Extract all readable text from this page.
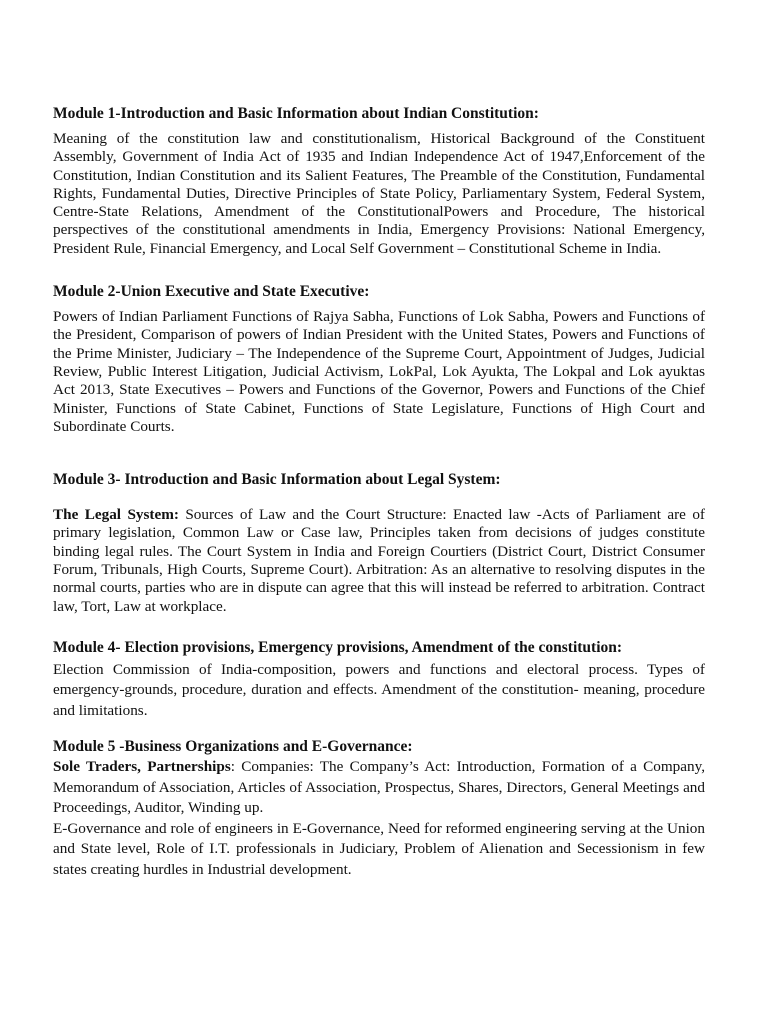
Module 1-Introduction and Basic Information about Indian Constitution:

Meaning of the constitution law and constitutionalism, Historical Background of the Constituent Assembly, Government of India Act of 1935 and Indian Independence Act of 1947,Enforcement of the Constitution, Indian Constitution and its Salient Features, The Preamble of the Constitution, Fundamental Rights, Fundamental Duties, Directive Principles of State Policy, Parliamentary System, Federal System, Centre-State Relations, Amendment of the ConstitutionalPowers and Procedure, The historical perspectives of the constitutional amendments in India, Emergency Provisions: National Emergency, President Rule, Financial Emergency, and Local Self Government – Constitutional Scheme in India.

Module 2-Union Executive and State Executive:

Powers of Indian Parliament Functions of Rajya Sabha, Functions of Lok Sabha, Powers and Functions of the President, Comparison of powers of Indian President with the United States, Powers and Functions of the Prime Minister, Judiciary – The Independence of the Supreme Court, Appointment of Judges, Judicial Review, Public Interest Litigation, Judicial Activism, LokPal, Lok Ayukta, The Lokpal and Lok ayuktas Act 2013, State Executives – Powers and Functions of the Governor, Powers and Functions of the Chief Minister, Functions of State Cabinet, Functions of State Legislature, Functions of High Court and Subordinate Courts.

Module 3- Introduction and Basic Information about Legal System:

The Legal System: Sources of Law and the Court Structure: Enacted law -Acts of Parliament are of primary legislation, Common Law or Case law, Principles taken from decisions of judges constitute binding legal rules. The Court System in India and Foreign Courtiers (District Court, District Consumer Forum, Tribunals, High Courts, Supreme Court). Arbitration: As an alternative to resolving disputes in the normal courts, parties who are in dispute can agree that this will instead be referred to arbitration. Contract law, Tort, Law at workplace.

Module 4- Election provisions, Emergency provisions, Amendment of the constitution:

Election Commission of India-composition, powers and functions and electoral process. Types of emergency-grounds, procedure, duration and effects. Amendment of the constitution- meaning, procedure and limitations.

Module 5 -Business Organizations and E-Governance:

Sole Traders, Partnerships: Companies: The Company’s Act: Introduction, Formation of a Company, Memorandum of Association, Articles of Association, Prospectus, Shares, Directors, General Meetings and Proceedings, Auditor, Winding up.

E-Governance and role of engineers in E-Governance, Need for reformed engineering serving at the Union and State level, Role of I.T. professionals in Judiciary, Problem of Alienation and Secessionism in few states creating hurdles in Industrial development.
